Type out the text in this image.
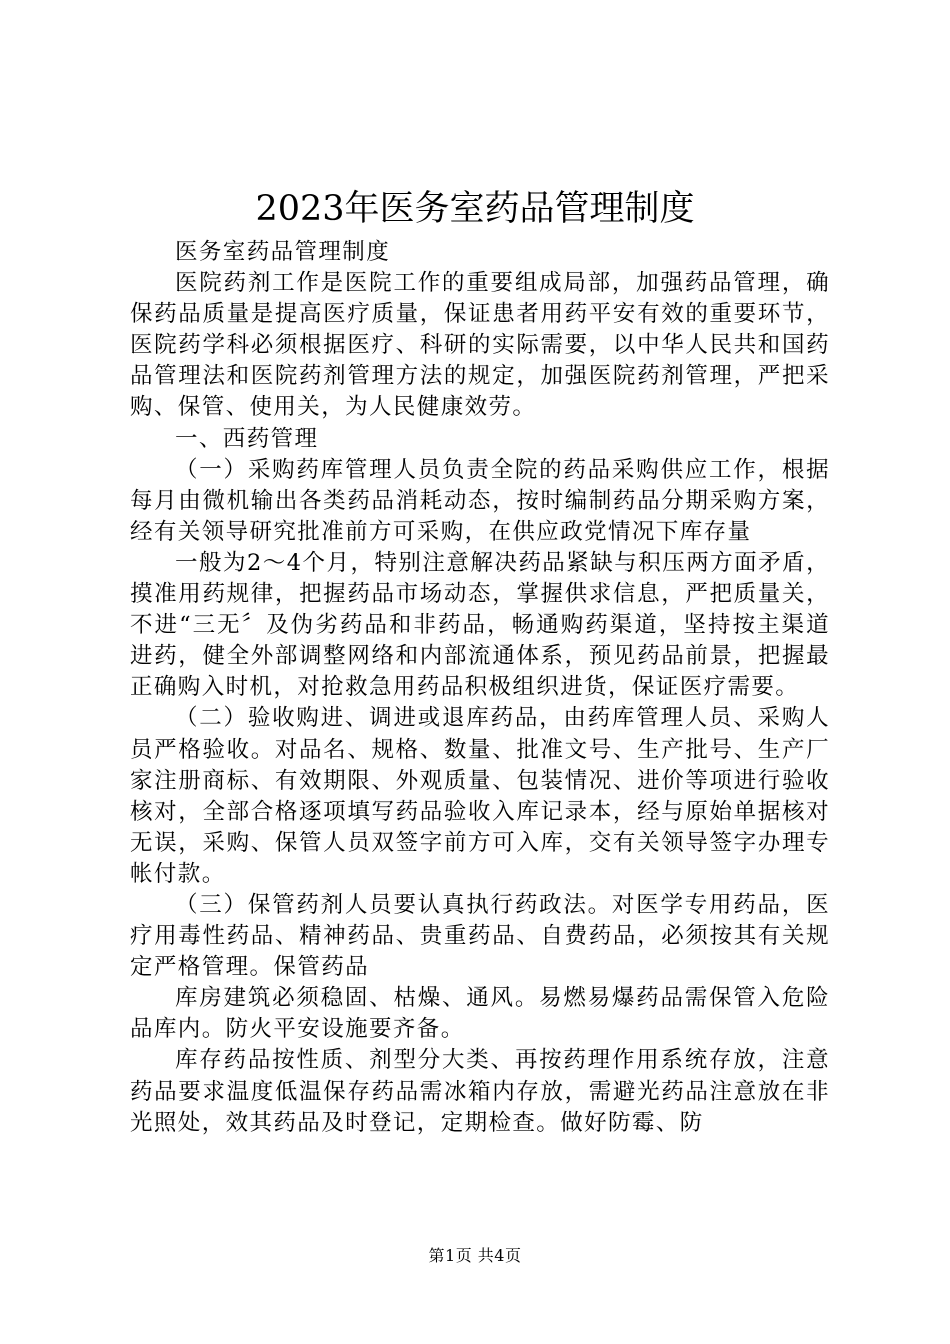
2023年医务室药品管理制度

医务室药品管理制度

医院药剂工作是医院工作的重要组成局部，加强药品管理，确保药品质量是提高医疗质量，保证患者用药平安有效的重要环节，医院药学科必须根据医疗、科研的实际需要，以中华人民共和国药品管理法和医院药剂管理方法的规定，加强医院药剂管理，严把采购、保管、使用关，为人民健康效劳。

一、西药管理

（一）采购药库管理人员负责全院的药品采购供应工作，根据每月由微机输出各类药品消耗动态，按时编制药品分期采购方案，经有关领导研究批准前方可采购，在供应政党情况下库存量

一般为2～4个月，特别注意解决药品紧缺与积压两方面矛盾，摸准用药规律，把握药品市场动态，掌握供求信息，严把质量关，不进“三无〞及伪劣药品和非药品，畅通购药渠道，坚持按主渠道进药，健全外部调整网络和内部流通体系，预见药品前景，把握最正确购入时机，对抢救急用药品积极组织进货，保证医疗需要。

（二）验收购进、调进或退库药品，由药库管理人员、采购人员严格验收。对品名、规格、数量、批准文号、生产批号、生产厂家注册商标、有效期限、外观质量、包装情况、进价等项进行验收核对，全部合格逐项填写药品验收入库记录本，经与原始单据核对无误，采购、保管人员双签字前方可入库，交有关领导签字办理专帐付款。

（三）保管药剂人员要认真执行药政法。对医学专用药品，医疗用毒性药品、精神药品、贵重药品、自费药品，必须按其有关规定严格管理。保管药品

库房建筑必须稳固、枯燥、通风。易燃易爆药品需保管入危险品库内。防火平安设施要齐备。

库存药品按性质、剂型分大类、再按药理作用系统存放，注意药品要求温度低温保存药品需冰箱内存放，需避光药品注意放在非光照处，效其药品及时登记，定期检查。做好防霉、防

第1页 共4页
